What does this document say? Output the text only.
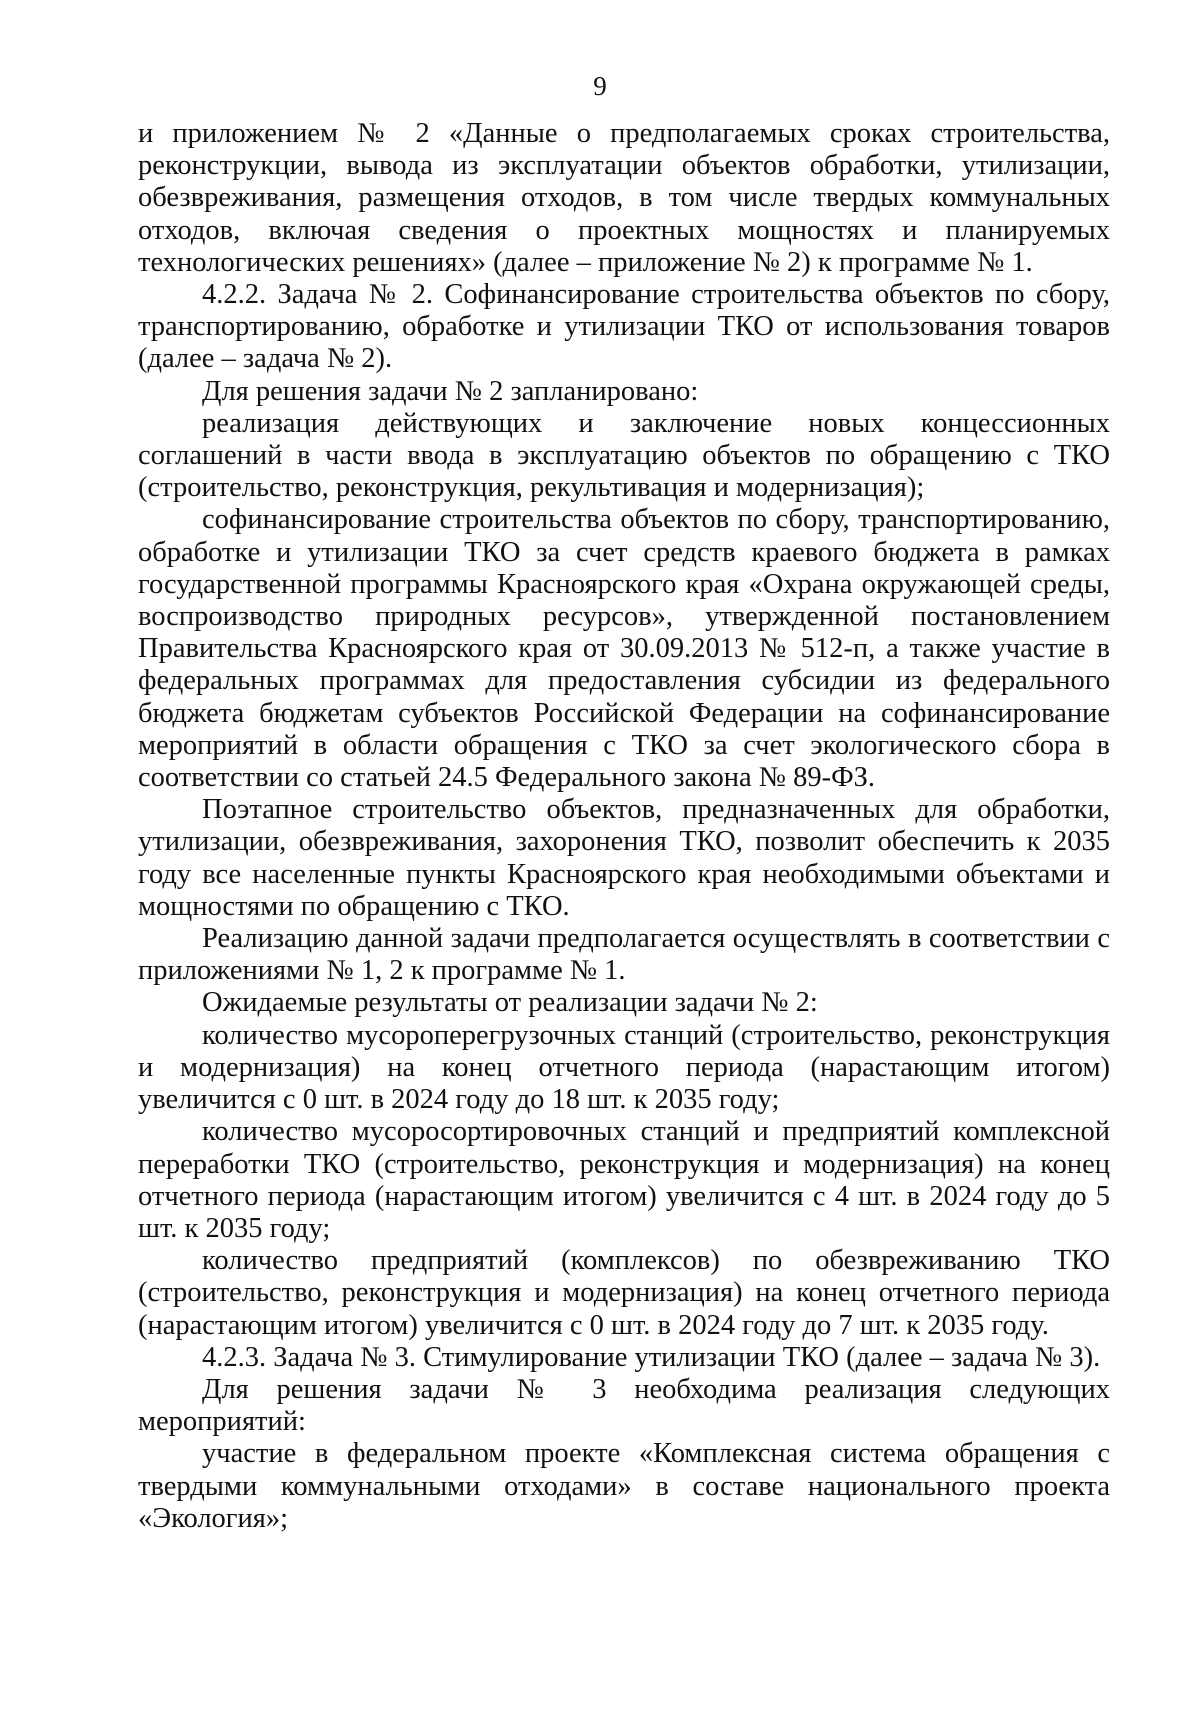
9

и приложением № 2 «Данные о предполагаемых сроках строительства, реконструкции, вывода из эксплуатации объектов обработки, утилизации, обезвреживания, размещения отходов, в том числе твердых коммунальных отходов, включая сведения о проектных мощностях и планируемых технологических решениях» (далее – приложение № 2) к программе № 1.

4.2.2. Задача № 2. Софинансирование строительства объектов по сбору, транспортированию, обработке и утилизации ТКО от использования товаров (далее – задача № 2).

Для решения задачи № 2 запланировано:

реализация действующих и заключение новых концессионных соглашений в части ввода в эксплуатацию объектов по обращению с ТКО (строительство, реконструкция, рекультивация и модернизация);

софинансирование строительства объектов по сбору, транспортированию, обработке и утилизации ТКО за счет средств краевого бюджета в рамках государственной программы Красноярского края «Охрана окружающей среды, воспроизводство природных ресурсов», утвержденной постановлением Правительства Красноярского края от 30.09.2013 № 512-п, а также участие в федеральных программах для предоставления субсидии из федерального бюджета бюджетам субъектов Российской Федерации на софинансирование мероприятий в области обращения с ТКО за счет экологического сбора в соответствии со статьей 24.5 Федерального закона № 89-ФЗ.

Поэтапное строительство объектов, предназначенных для обработки, утилизации, обезвреживания, захоронения ТКО, позволит обеспечить к 2035 году все населенные пункты Красноярского края необходимыми объектами и мощностями по обращению с ТКО.

Реализацию данной задачи предполагается осуществлять в соответствии с приложениями № 1, 2 к программе № 1.

Ожидаемые результаты от реализации задачи № 2:

количество мусороперегрузочных станций (строительство, реконструкция и модернизация) на конец отчетного периода (нарастающим итогом) увеличится с 0 шт. в 2024 году до 18 шт. к 2035 году;

количество мусоросортировочных станций и предприятий комплексной переработки ТКО (строительство, реконструкция и модернизация) на конец отчетного периода (нарастающим итогом) увеличится с 4 шт. в 2024 году до 5 шт. к 2035 году;

количество предприятий (комплексов) по обезвреживанию ТКО (строительство, реконструкция и модернизация) на конец отчетного периода (нарастающим итогом) увеличится с 0 шт. в 2024 году до 7 шт. к 2035 году.

4.2.3. Задача № 3. Стимулирование утилизации ТКО (далее – задача № 3).

Для решения задачи № 3 необходима реализация следующих мероприятий:

участие в федеральном проекте «Комплексная система обращения с твердыми коммунальными отходами» в составе национального проекта «Экология»;
